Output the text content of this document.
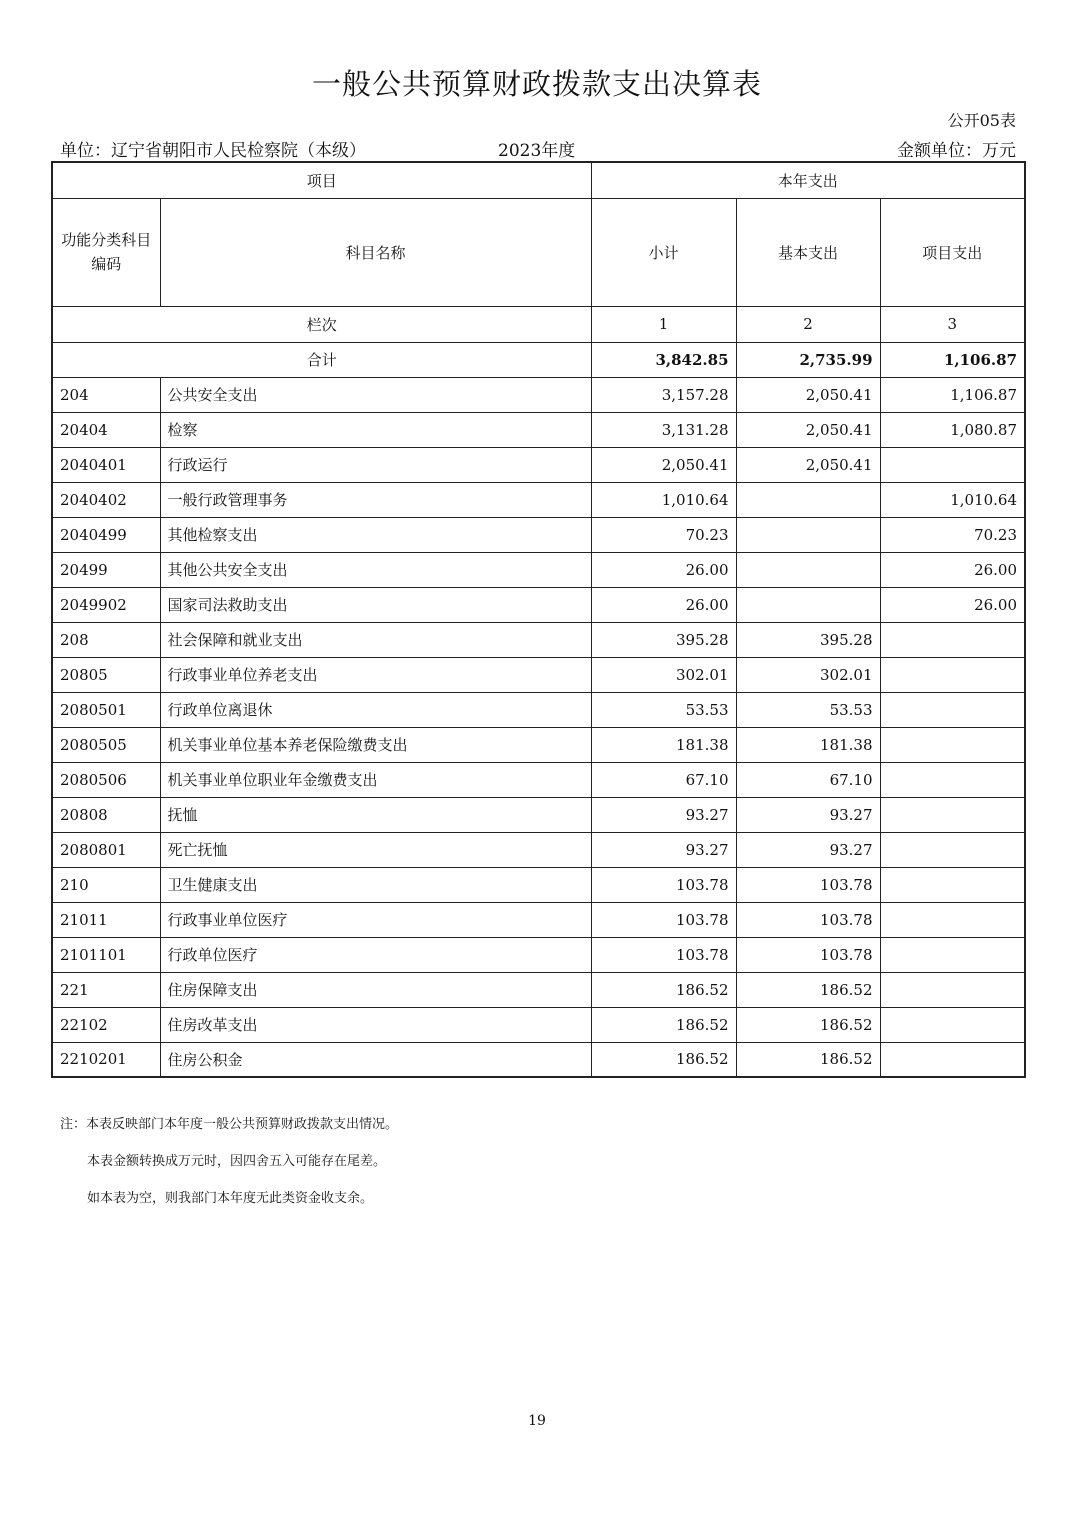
一般公共预算财政拨款支出决算表
公开05表
单位：辽宁省朝阳市人民检察院（本级）	2023年度	金额单位：万元
项目		本年支出		
功能分类科目编码	科目名称	小计	基本支出	项目支出
栏次		1	2	3
合计		3,842.85	2,735.99	1,106.87
204	公共安全支出	3,157.28	2,050.41	1,106.87
20404	检察	3,131.28	2,050.41	1,080.87
2040401	行政运行	2,050.41	2,050.41	
2040402	一般行政管理事务	1,010.64		1,010.64
2040499	其他检察支出	70.23		70.23
20499	其他公共安全支出	26.00		26.00
2049902	国家司法救助支出	26.00		26.00
208	社会保障和就业支出	395.28	395.28	
20805	行政事业单位养老支出	302.01	302.01	
2080501	行政单位离退休	53.53	53.53	
2080505	机关事业单位基本养老保险缴费支出	181.38	181.38	
2080506	机关事业单位职业年金缴费支出	67.10	67.10	
20808	抚恤	93.27	93.27	
2080801	死亡抚恤	93.27	93.27	
210	卫生健康支出	103.78	103.78	
21011	行政事业单位医疗	103.78	103.78	
2101101	行政单位医疗	103.78	103.78	
221	住房保障支出	186.52	186.52	
22102	住房改革支出	186.52	186.52	
2210201	住房公积金	186.52	186.52	
注：本表反映部门本年度一般公共预算财政拨款支出情况。
本表金额转换成万元时，因四舍五入可能存在尾差。
如本表为空，则我部门本年度无此类资金收支余。
19
